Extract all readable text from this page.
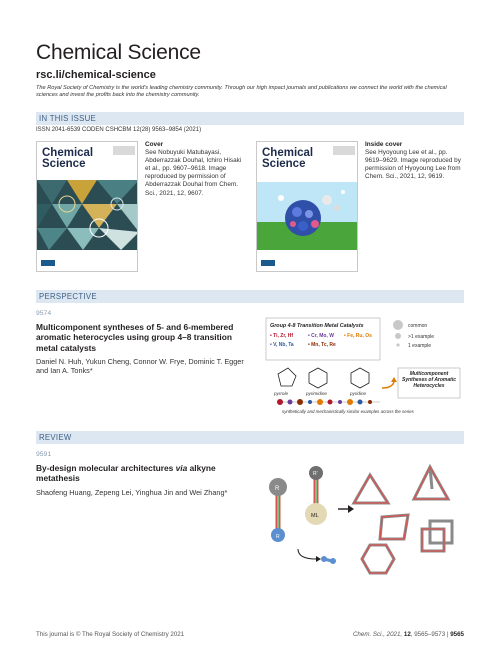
Chemical Science
rsc.li/chemical-science
The Royal Society of Chemistry is the world's leading chemistry community. Through our high impact journals and publications we connect the world with the chemical sciences and invest the profits back into the chemistry community.
IN THIS ISSUE
ISSN 2041-6539 CODEN CSHCBM 12(28) 9563–9854 (2021)
Chemical Science
Cover
See Nobuyuki Matubayasi, Abderrazzak Douhal, Ichiro Hisaki et al., pp. 9607–9618. Image reproduced by permission of Abderrazzak Douhal from Chem. Sci., 2021, 12, 9607.
Chemical Science
Inside cover
See Hyoyoung Lee et al., pp. 9619–9629. Image reproduced by permission of Hyoyoung Lee from Chem. Sci., 2021, 12, 9619.
PERSPECTIVE
9574
Multicomponent syntheses of 5- and 6-membered aromatic heterocycles using group 4–8 transition metal catalysts
Daniel N. Huh, Yukun Cheng, Connor W. Frye, Dominic T. Egger and Ian A. Tonks*
Group 4-8 Transition Metal Catalysts
• Ti, Zr, Hf	• Cr, Mo, W • Fe, Ru, Os
• V, Nb, Ta	• Mn, Tc, Re
common
>1 example
1 example
pyrrole	pyrimidine	pyridine
synthetically and mechanistically similar examples across the series
Multicomponent Syntheses of Aromatic Heterocycles
REVIEW
9591
By-design molecular architectures via alkyne metathesis
Shaofeng Huang, Zepeng Lei, Yinghua Jin and Wei Zhang*	R
R
R'
ML
This journal is © The Royal Society of Chemistry 2021	Chem. Sci., 2021, 12, 9565–9573 | 9565
